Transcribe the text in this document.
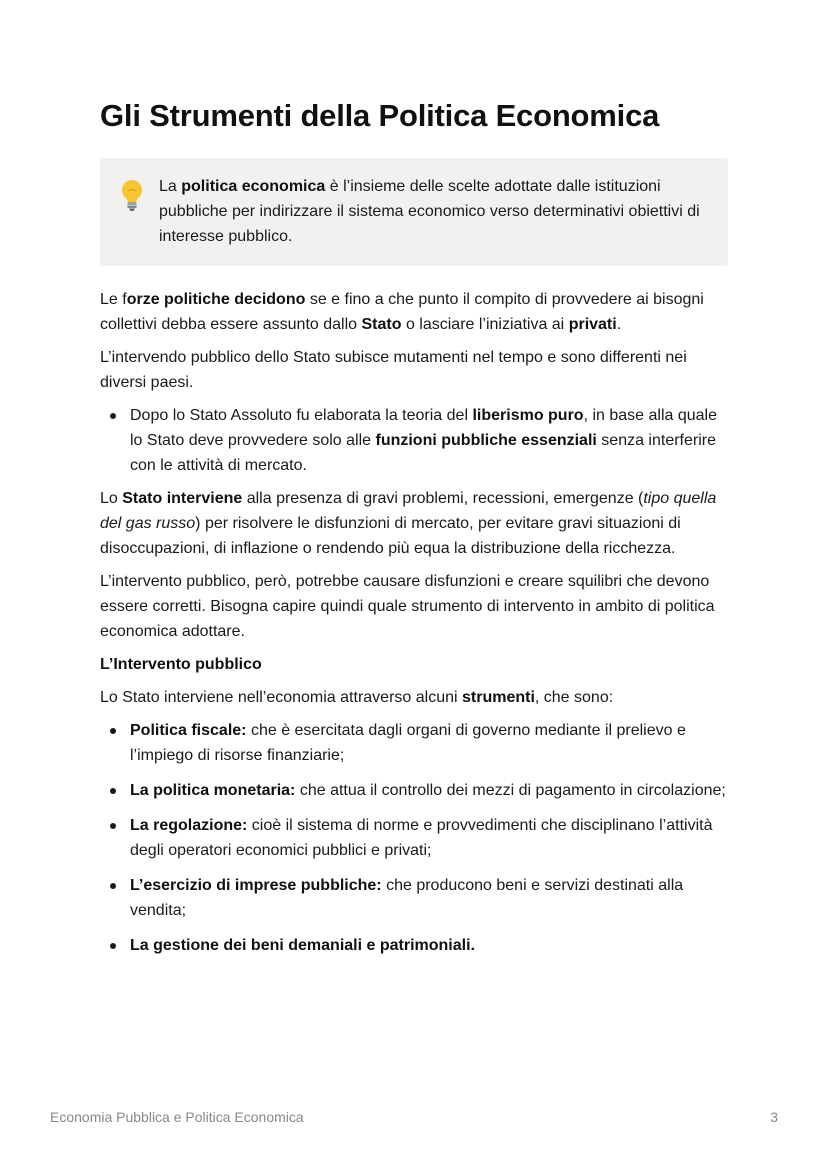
Gli Strumenti della Politica Economica

La politica economica è l’insieme delle scelte adottate dalle istituzioni pubbliche per indirizzare il sistema economico verso determinativi obiettivi di interesse pubblico.

Le forze politiche decidono se e fino a che punto il compito di provvedere ai bisogni collettivi debba essere assunto dallo Stato o lasciare l’iniziativa ai privati.

L’intervendo pubblico dello Stato subisce mutamenti nel tempo e sono differenti nei diversi paesi.

Dopo lo Stato Assoluto fu elaborata la teoria del liberismo puro, in base alla quale lo Stato deve provvedere solo alle funzioni pubbliche essenziali senza interferire con le attività di mercato.

Lo Stato interviene alla presenza di gravi problemi, recessioni, emergenze (tipo quella del gas russo) per risolvere le disfunzioni di mercato, per evitare gravi situazioni di disoccupazioni, di inflazione o rendendo più equa la distribuzione della ricchezza.

L’intervento pubblico, però, potrebbe causare disfunzioni e creare squilibri che devono essere corretti. Bisogna capire quindi quale strumento di intervento in ambito di politica economica adottare.

L’Intervento pubblico

Lo Stato interviene nell’economia attraverso alcuni strumenti, che sono:

Politica fiscale: che è esercitata dagli organi di governo mediante il prelievo e l’impiego di risorse finanziarie;
La politica monetaria: che attua il controllo dei mezzi di pagamento in circolazione;
La regolazione: cioè il sistema di norme e provvedimenti che disciplinano l’attività degli operatori economici pubblici e privati;
L’esercizio di imprese pubbliche: che producono beni e servizi destinati alla vendita;
La gestione dei beni demaniali e patrimoniali.
Economia Pubblica e Politica Economica	3
